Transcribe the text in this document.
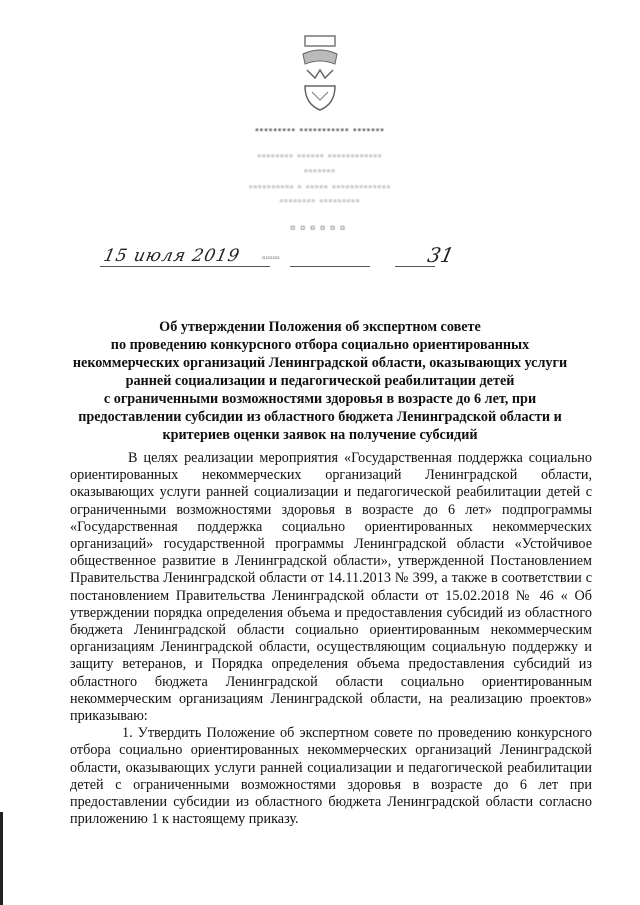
▪▪▪▪▪▪▪▪▪ ▪▪▪▪▪▪▪▪▪▪▪ ▪▪▪▪▪▪▪
▫▫▫▫▫▫▫▫ ▫▫▫▫▫▫ ▫▫▫▫▫▫▫▫▫▫▫▫
▫▫▫▫▫▫▫
▫▫▫▫▫▫▫▫▫▫ ▫ ▫▫▫▫▫ ▫▫▫▫▫▫▫▫▫▫▫▫▫
▫▫▫▫▫▫▫▫ ▫▫▫▫▫▫▫▫▫
▫▫▫▫▫▫
15 июля 2019 ▫▫▫▫▫	31
Об утверждении Положения об экспертном совете
по проведению конкурсного отбора социально ориентированных
некоммерческих организаций Ленинградской области, оказывающих услуги
ранней социализации и педагогической реабилитации детей
с ограниченными возможностями здоровья в возрасте до 6 лет, при
предоставлении субсидии из областного бюджета Ленинградской области и
критериев оценки заявок на получение субсидий

В целях реализации мероприятия «Государственная поддержка социально ориентированных некоммерческих организаций Ленинградской области, оказывающих услуги ранней социализации и педагогической реабилитации детей с ограниченными возможностями здоровья в возрасте до 6 лет» подпрограммы «Государственная поддержка социально ориентированных некоммерческих организаций» государственной программы Ленинградской области «Устойчивое общественное развитие в Ленинградской области», утвержденной Постановлением Правительства Ленинградской области от 14.11.2013 № 399, а также в соответствии с постановлением Правительства Ленинградской области от 15.02.2018 № 46 « Об утверждении порядка определения объема и предоставления субсидий из областного бюджета Ленинградской области социально ориентированным некоммерческим организациям Ленинградской области, осуществляющим социальную поддержку и защиту ветеранов, и Порядка определения объема предоставления субсидий из областного бюджета Ленинградской области социально ориентированным некоммерческим организациям Ленинградской области, на реализацию проектов» приказываю:

1. Утвердить Положение об экспертном совете по проведению конкурсного отбора социально ориентированных некоммерческих организаций Ленинградской области, оказывающих услуги ранней социализации и педагогической реабилитации детей с ограниченными возможностями здоровья в возрасте до 6 лет при предоставлении субсидии из областного бюджета Ленинградской области согласно приложению 1 к настоящему приказу.
